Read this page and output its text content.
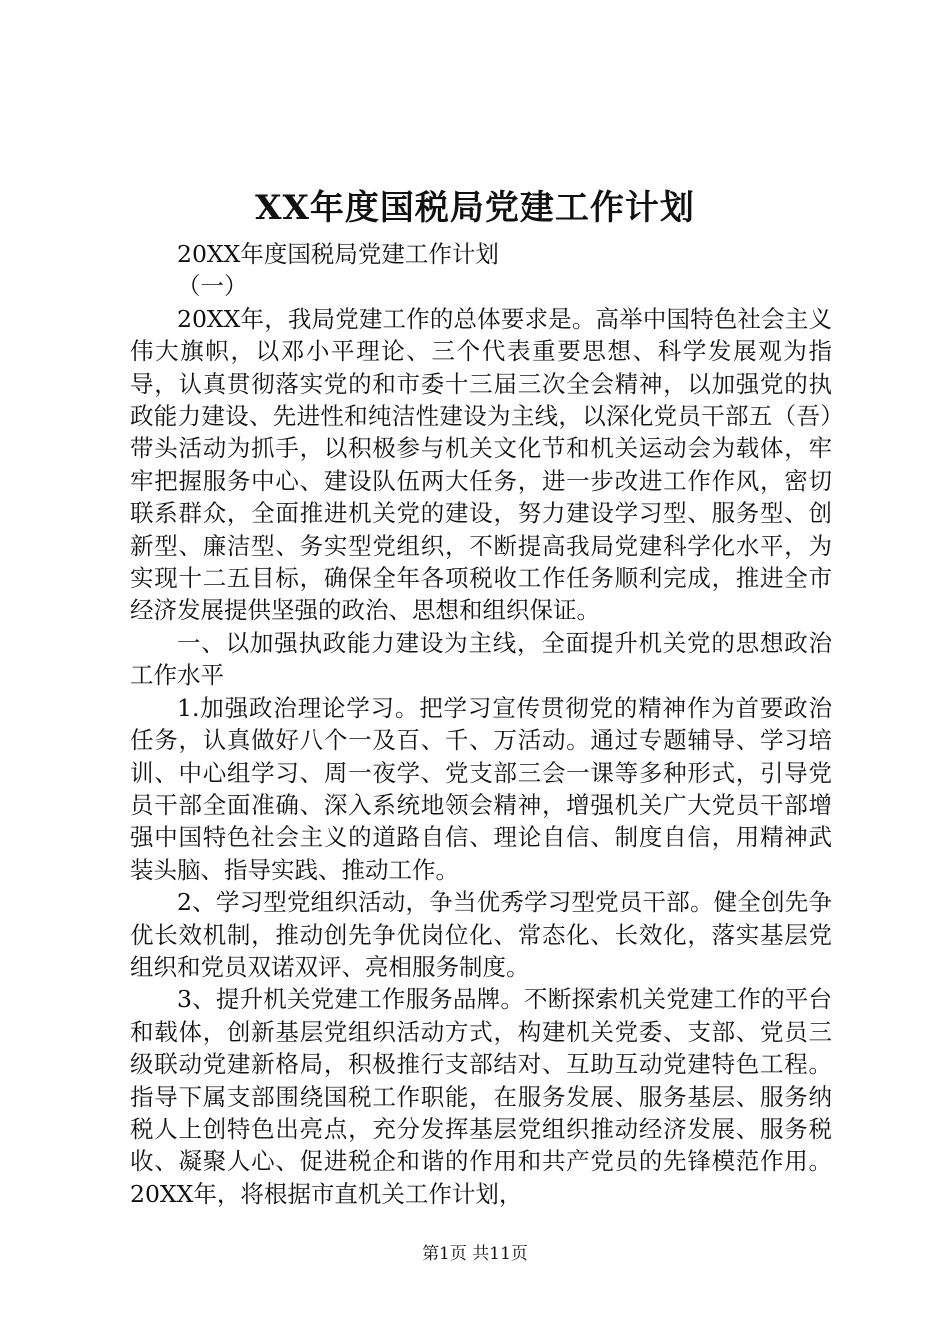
XX年度国税局党建工作计划

20XX年度国税局党建工作计划

（一）

20XX年，我局党建工作的总体要求是。高举中国特色社会主义伟大旗帜，以邓小平理论、三个代表重要思想、科学发展观为指导，认真贯彻落实党的和市委十三届三次全会精神，以加强党的执政能力建设、先进性和纯洁性建设为主线，以深化党员干部五（吾）带头活动为抓手，以积极参与机关文化节和机关运动会为载体，牢牢把握服务中心、建设队伍两大任务，进一步改进工作作风，密切联系群众，全面推进机关党的建设，努力建设学习型、服务型、创新型、廉洁型、务实型党组织，不断提高我局党建科学化水平，为实现十二五目标，确保全年各项税收工作任务顺利完成，推进全市经济发展提供坚强的政治、思想和组织保证。

一、以加强执政能力建设为主线，全面提升机关党的思想政治工作水平

1.加强政治理论学习。把学习宣传贯彻党的精神作为首要政治任务，认真做好八个一及百、千、万活动。通过专题辅导、学习培训、中心组学习、周一夜学、党支部三会一课等多种形式，引导党员干部全面准确、深入系统地领会精神，增强机关广大党员干部增强中国特色社会主义的道路自信、理论自信、制度自信，用精神武装头脑、指导实践、推动工作。

2、学习型党组织活动，争当优秀学习型党员干部。健全创先争优长效机制，推动创先争优岗位化、常态化、长效化，落实基层党组织和党员双诺双评、亮相服务制度。

3、提升机关党建工作服务品牌。不断探索机关党建工作的平台和载体，创新基层党组织活动方式，构建机关党委、支部、党员三级联动党建新格局，积极推行支部结对、互助互动党建特色工程。指导下属支部围绕国税工作职能，在服务发展、服务基层、服务纳税人上创特色出亮点，充分发挥基层党组织推动经济发展、服务税收、凝聚人心、促进税企和谐的作用和共产党员的先锋模范作用。20XX年，将根据市直机关工作计划，

第1页 共11页
